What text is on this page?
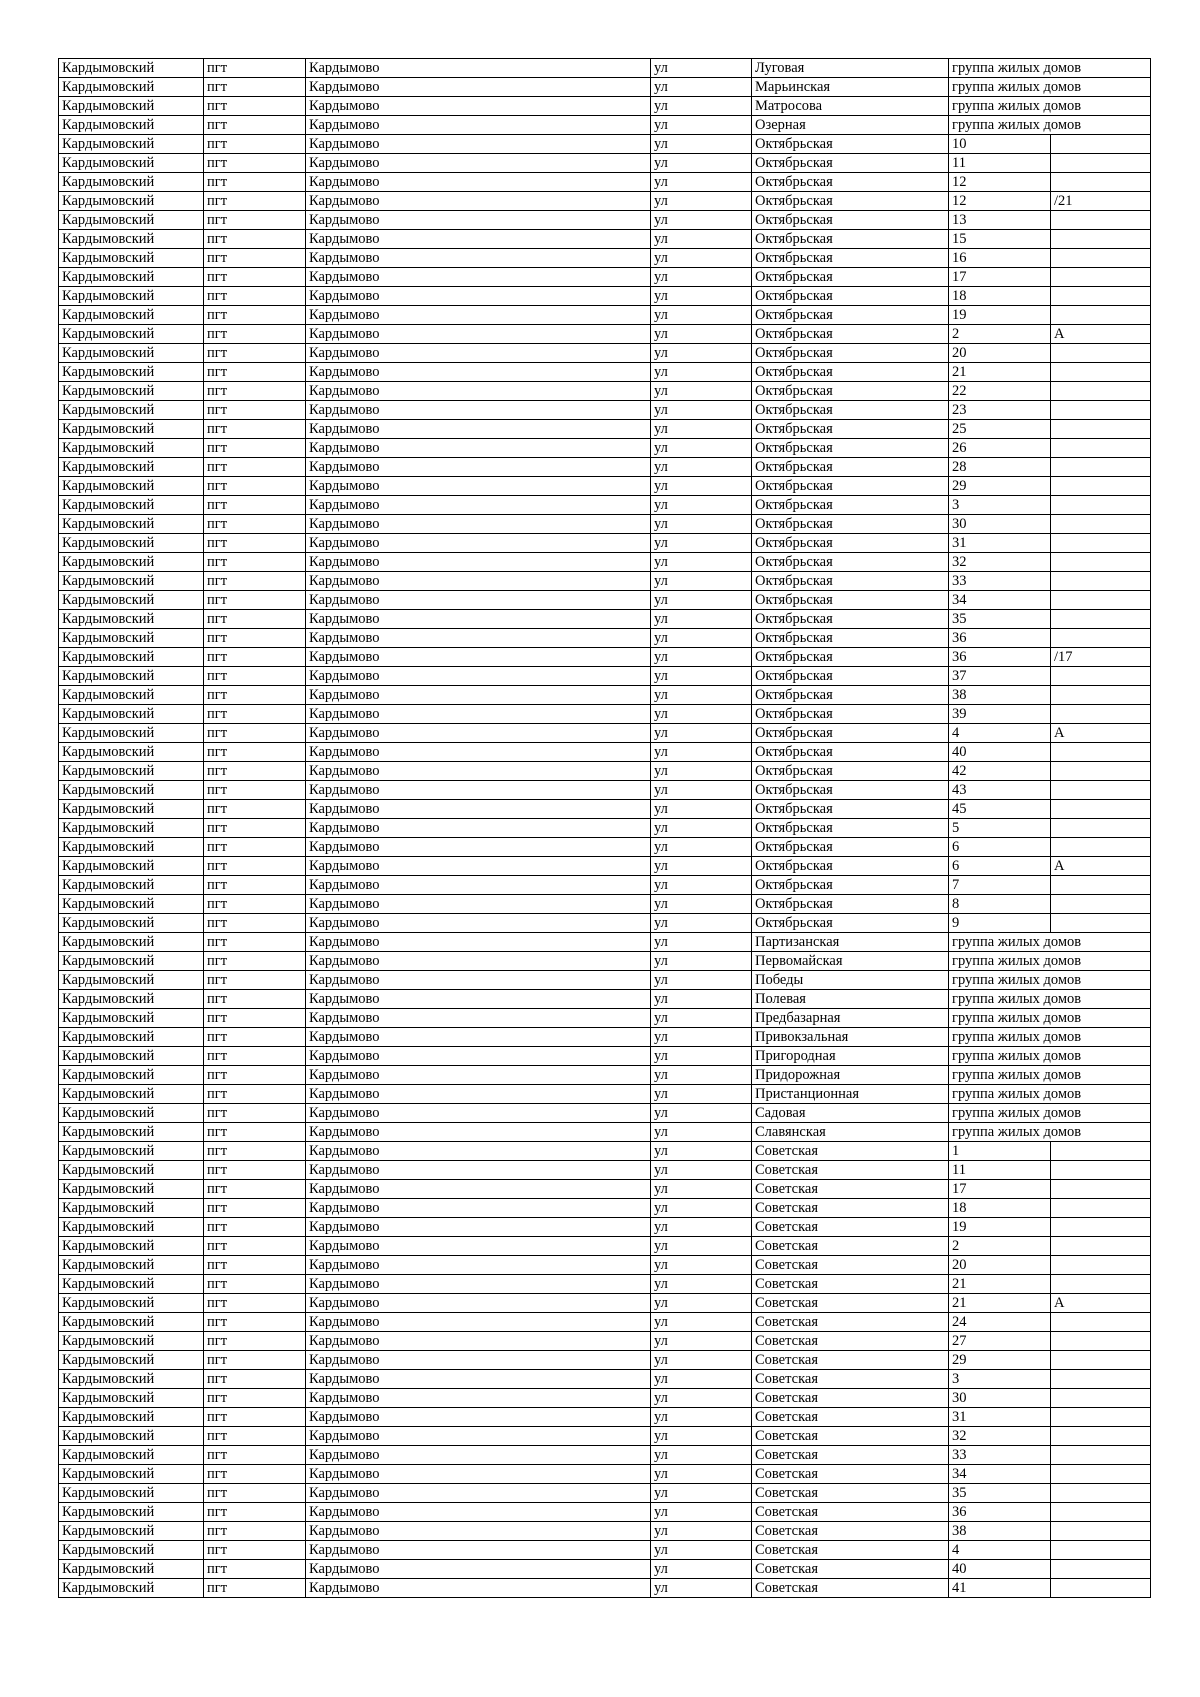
Кардымовский	пгт	Кардымово	ул	Луговая	группа жилых домов	
Кардымовский	пгт	Кардымово	ул	Марьинская	группа жилых домов	
Кардымовский	пгт	Кардымово	ул	Матросова	группа жилых домов	
Кардымовский	пгт	Кардымово	ул	Озерная	группа жилых домов	
Кардымовский	пгт	Кардымово	ул	Октябрьская	10	
Кардымовский	пгт	Кардымово	ул	Октябрьская	11	
Кардымовский	пгт	Кардымово	ул	Октябрьская	12	
Кардымовский	пгт	Кардымово	ул	Октябрьская	12	/21
Кардымовский	пгт	Кардымово	ул	Октябрьская	13	
Кардымовский	пгт	Кардымово	ул	Октябрьская	15	
Кардымовский	пгт	Кардымово	ул	Октябрьская	16	
Кардымовский	пгт	Кардымово	ул	Октябрьская	17	
Кардымовский	пгт	Кардымово	ул	Октябрьская	18	
Кардымовский	пгт	Кардымово	ул	Октябрьская	19	
Кардымовский	пгт	Кардымово	ул	Октябрьская	2	А
Кардымовский	пгт	Кардымово	ул	Октябрьская	20	
Кардымовский	пгт	Кардымово	ул	Октябрьская	21	
Кардымовский	пгт	Кардымово	ул	Октябрьская	22	
Кардымовский	пгт	Кардымово	ул	Октябрьская	23	
Кардымовский	пгт	Кардымово	ул	Октябрьская	25	
Кардымовский	пгт	Кардымово	ул	Октябрьская	26	
Кардымовский	пгт	Кардымово	ул	Октябрьская	28	
Кардымовский	пгт	Кардымово	ул	Октябрьская	29	
Кардымовский	пгт	Кардымово	ул	Октябрьская	3	
Кардымовский	пгт	Кардымово	ул	Октябрьская	30	
Кардымовский	пгт	Кардымово	ул	Октябрьская	31	
Кардымовский	пгт	Кардымово	ул	Октябрьская	32	
Кардымовский	пгт	Кардымово	ул	Октябрьская	33	
Кардымовский	пгт	Кардымово	ул	Октябрьская	34	
Кардымовский	пгт	Кардымово	ул	Октябрьская	35	
Кардымовский	пгт	Кардымово	ул	Октябрьская	36	
Кардымовский	пгт	Кардымово	ул	Октябрьская	36	/17
Кардымовский	пгт	Кардымово	ул	Октябрьская	37	
Кардымовский	пгт	Кардымово	ул	Октябрьская	38	
Кардымовский	пгт	Кардымово	ул	Октябрьская	39	
Кардымовский	пгт	Кардымово	ул	Октябрьская	4	А
Кардымовский	пгт	Кардымово	ул	Октябрьская	40	
Кардымовский	пгт	Кардымово	ул	Октябрьская	42	
Кардымовский	пгт	Кардымово	ул	Октябрьская	43	
Кардымовский	пгт	Кардымово	ул	Октябрьская	45	
Кардымовский	пгт	Кардымово	ул	Октябрьская	5	
Кардымовский	пгт	Кардымово	ул	Октябрьская	6	
Кардымовский	пгт	Кардымово	ул	Октябрьская	6	А
Кардымовский	пгт	Кардымово	ул	Октябрьская	7	
Кардымовский	пгт	Кардымово	ул	Октябрьская	8	
Кардымовский	пгт	Кардымово	ул	Октябрьская	9	
Кардымовский	пгт	Кардымово	ул	Партизанская	группа жилых домов	
Кардымовский	пгт	Кардымово	ул	Первомайская	группа жилых домов	
Кардымовский	пгт	Кардымово	ул	Победы	группа жилых домов	
Кардымовский	пгт	Кардымово	ул	Полевая	группа жилых домов	
Кардымовский	пгт	Кардымово	ул	Предбазарная	группа жилых домов	
Кардымовский	пгт	Кардымово	ул	Привокзальная	группа жилых домов	
Кардымовский	пгт	Кардымово	ул	Пригородная	группа жилых домов	
Кардымовский	пгт	Кардымово	ул	Придорожная	группа жилых домов	
Кардымовский	пгт	Кардымово	ул	Пристанционная	группа жилых домов	
Кардымовский	пгт	Кардымово	ул	Садовая	группа жилых домов	
Кардымовский	пгт	Кардымово	ул	Славянская	группа жилых домов	
Кардымовский	пгт	Кардымово	ул	Советская	1	
Кардымовский	пгт	Кардымово	ул	Советская	11	
Кардымовский	пгт	Кардымово	ул	Советская	17	
Кардымовский	пгт	Кардымово	ул	Советская	18	
Кардымовский	пгт	Кардымово	ул	Советская	19	
Кардымовский	пгт	Кардымово	ул	Советская	2	
Кардымовский	пгт	Кардымово	ул	Советская	20	
Кардымовский	пгт	Кардымово	ул	Советская	21	
Кардымовский	пгт	Кардымово	ул	Советская	21	А
Кардымовский	пгт	Кардымово	ул	Советская	24	
Кардымовский	пгт	Кардымово	ул	Советская	27	
Кардымовский	пгт	Кардымово	ул	Советская	29	
Кардымовский	пгт	Кардымово	ул	Советская	3	
Кардымовский	пгт	Кардымово	ул	Советская	30	
Кардымовский	пгт	Кардымово	ул	Советская	31	
Кардымовский	пгт	Кардымово	ул	Советская	32	
Кардымовский	пгт	Кардымово	ул	Советская	33	
Кардымовский	пгт	Кардымово	ул	Советская	34	
Кардымовский	пгт	Кардымово	ул	Советская	35	
Кардымовский	пгт	Кардымово	ул	Советская	36	
Кардымовский	пгт	Кардымово	ул	Советская	38	
Кардымовский	пгт	Кардымово	ул	Советская	4	
Кардымовский	пгт	Кардымово	ул	Советская	40	
Кардымовский	пгт	Кардымово	ул	Советская	41	
